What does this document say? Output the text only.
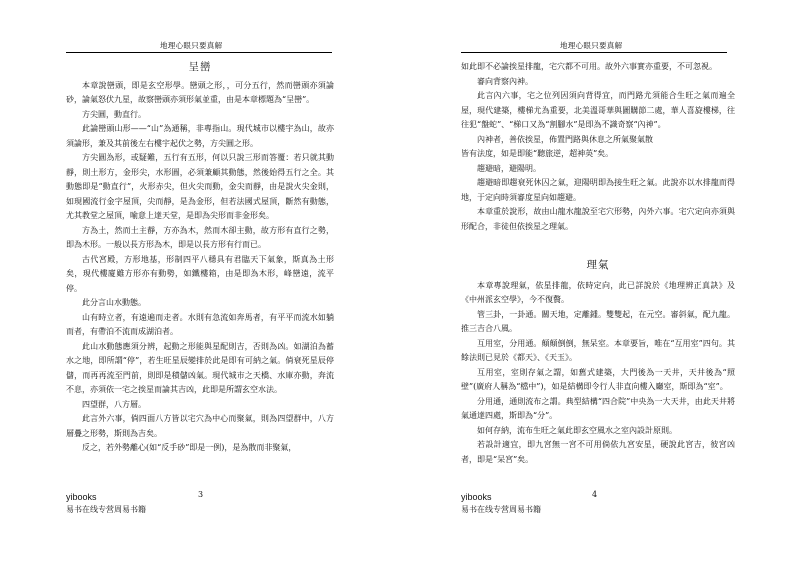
地理心眼只要真解
呈巒

本章說巒頭，即是玄空形學。巒頭之形，，可分五行，然而巒頭亦須論砂，論氣怒伏九星，故察巒頭亦須形氣並重，由是本章標題為“呈巒”。

方尖圓，動直行。

此論巒頭山形——“山”為通稱，非專指山。現代城市以樓宇為山，故亦須論形，兼及其前後左右樓宇起伏之勢，方尖圓之形。

方尖圓為形，或疑難，五行有五形，何以只說三形而答覆：若只就其動靜，則土形方，金形尖，水形圓，必須兼顧其動態，然後始得五行之全。其動態即是“動直行”，火形赤尖，但火尖而動，金尖而靜，由是說火尖金則，如現國流行金字屋頂，尖而靜，是為金形，但若法國式屋頂，斷然有動態，尤其教堂之屋頂，喻意上達天堂，是即為尖形而非金形矣。

方為土，然而土主靜，方亦為木，然而木卻主動，故方形有直行之勢，即為木形。一般以長方形為木，即是以長方形有行而已。

古代宮殿，方形地基，形制四平八穩具有君臨天下氣象，斯真為土形矣，現代樓廈雖方形亦有動勢，如鐵樓箱，由是即為木形，峰巒遠，流平停。

此分言山水動態。

山有時立者，有遠遍而走者。水則有急流如奔馬者，有平平而流水如躺而者，有帶泊不流而成湖泊者。

此山水動態應須分辨，起動之形能與星配則吉，否則為凶。如湖泊為蓄水之地，即所謂“停”，若生旺星辰變排於此是即有可納之氣。倘衰死星辰停儲，而再再流至門前，則即是積儲凶氣。現代城市之天橋、水庫亦動，奔流不息，亦須依一宅之挨星而論其吉凶，此即是所謂玄空水法。

四望群，八方層。

此言外六事，倘四面八方皆以宅穴為中心而聚氣，則為四望群中，八方層疊之形勢，斯則為吉矣。

反之，若外勢離心(如“反手砂”即是一例)，是為散而非聚氣，

3
yibooks
易书在线专营周易书籍
地理心眼只要真解

如此即不必論挨星排龍，宅穴都不可用。故外六事實亦重要，不可忽視。

審向背察內神。

此言內六事，宅之位列因須向背得宜，而門路尤須能合生旺之氣而遍全屋，現代建築，樓梯尤為重要，北美溫哥華與圖購節二處，華人喜旋樓梯，往往犯“盤蛇”、“梯口又為“割腳水”是即為不識奇察“內神”。

內神者，善依挨星，佈置門路與休息之所氣聚氣散

皆有法度，如是即能“聽旅逆，超神英”矣。

趨避暗，避陽明。

趨避暗即趨衰死休囚之氣，迎陽明即為接生旺之氣。此說亦以水排龍而得地，于定向時須審度星向如趨避。

本章重於說形，故由山龍水龍說至宅穴形勢，內外六事。宅穴定向亦須與形配合，非徒但依挨星之理氣。

理氣

本章專說理氣，依星排龍，依時定向，此已詳說於《地理辨正真訣》及《中州派玄空學》，今不復贅。

管三卦，一卦通。關天地，定離鍾。雙雙起，在元空。審斜氣，配九龍。推三吉合八風。

互用室，分用通。顛顛倒倒，無呆室。本章要旨，唯在“互用室”四句。其餘法則已見於《都天》、《天玉》。

互用室，室則存氣之謂，如舊式建築，大門後為一天井，天井後為“照壁”(廣府人稱為“檔中”)，如是結構即令行人非直向樓入廳室，斯即為“室”。

分用通，通則流布之謂。典型結構“四合院”中央為一大天井，由此天井將氣通達四處，斯即為“分”。

如何存納，流布生旺之氣此即玄空風水之室內設計原則。

若設計適宜，即九宮無一宮不可用倘依九宮安星，硬說此宮吉，彼宮凶者，即是“呆宮”矣。

4
yibooks
易书在线专营周易书籍
